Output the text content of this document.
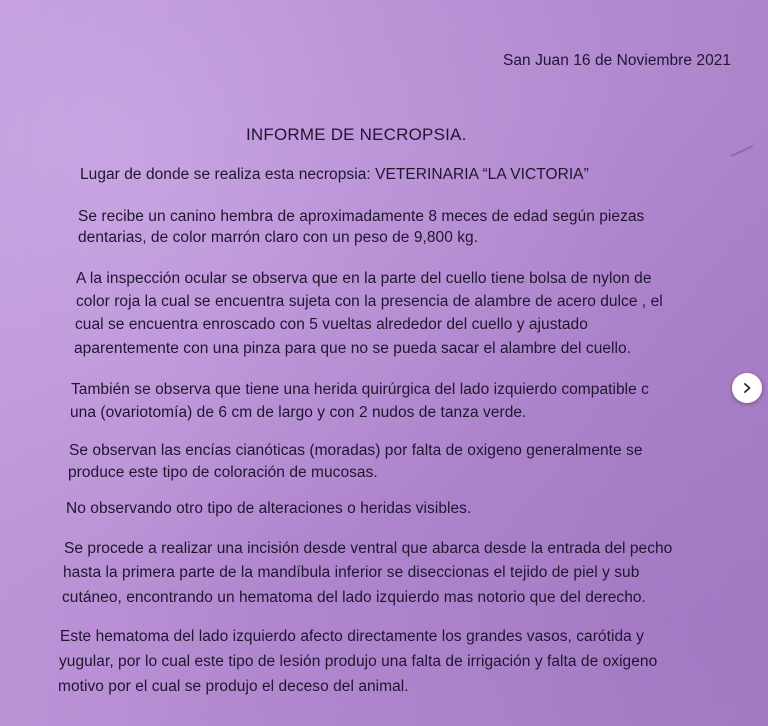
San Juan 16 de Noviembre 2021
INFORME DE NECROPSIA.
Lugar de donde se realiza esta necropsia: VETERINARIA “LA VICTORIA”
Se recibe un canino hembra de aproximadamente 8 meces de edad según piezas
dentarias, de color marrón claro con un peso de 9,800 kg.
A la inspección ocular se observa que en la parte del cuello tiene bolsa de nylon de
color roja la cual se encuentra sujeta con la presencia de alambre de acero dulce , el
cual se encuentra enroscado con 5 vueltas alrededor del cuello y ajustado
aparentemente con una pinza para que no se pueda sacar el alambre del cuello.
También se observa que tiene una herida quirúrgica del lado izquierdo compatible c
una (ovariotomía) de 6 cm de largo y con 2 nudos de tanza verde.
Se observan las encías cianóticas (moradas) por falta de oxigeno generalmente se
produce este tipo de coloración de mucosas.
No observando otro tipo de alteraciones o heridas visibles.
Se procede a realizar una incisión desde ventral que abarca desde la entrada del pecho
hasta la primera parte de la mandíbula inferior se diseccionas el tejido de piel y sub
cutáneo, encontrando un hematoma del lado izquierdo mas notorio que del derecho.
Este hematoma del lado izquierdo afecto directamente los grandes vasos, carótida y
yugular, por lo cual este tipo de lesión produjo una falta de irrigación y falta de oxigeno
motivo por el cual se produjo el deceso del animal.
